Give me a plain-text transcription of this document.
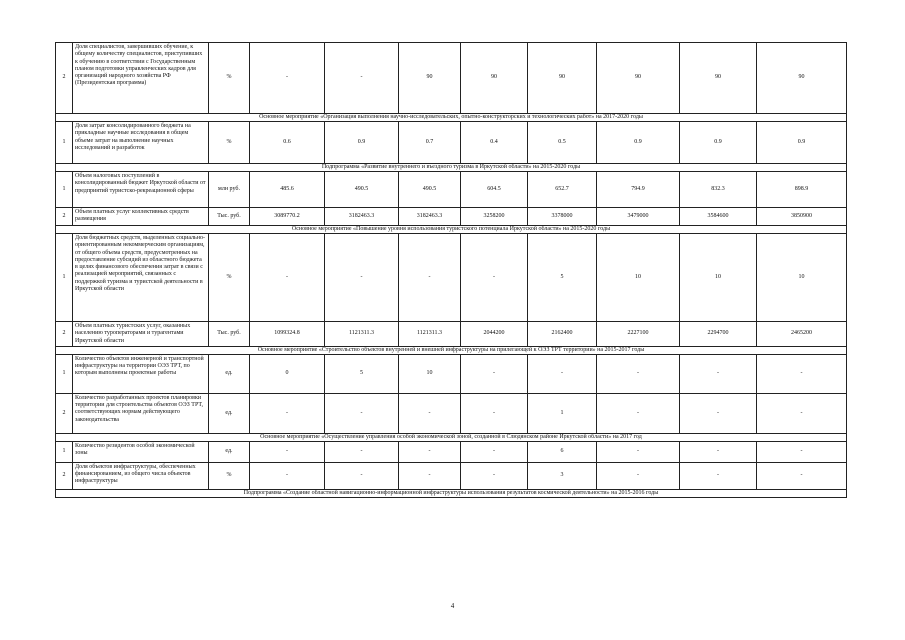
2	Доля специалистов, завершивших обучение, к общему количеству специалистов, приступивших к обучению в соответствии с Государственным планом подготовки управленческих кадров для организаций народного хозяйства РФ (Президентская программа)	%	-	-	90	90	90	90	90	90
Основное мероприятие «Организация выполнения научно-исследовательских, опытно-конструкторских и технологических работ» на 2017-2020 годы										
1	Доля затрат консолидированного бюджета на прикладные научные исследования в общем объеме затрат на выполнение научных исследований и разработок	%	0.6	0.9	0.7	0.4	0.5	0.9	0.9	0.9
Подпрограмма «Развитие внутреннего и въездного туризма в Иркутской области» на 2015-2020 годы										
1	Объем налоговых поступлений в консолидированный бюджет Иркутской области от предприятий туристско-рекреационной сферы	млн руб.	485.6	490.5	490.5	604.5	652.7	794.9	832.3	898.9
2	Объем платных услуг коллективных средств размещения	Тыс. руб.	3089770.2	3182463.3	3182463.3	3258200	3378000	3479000	3584600	3850900
Основное мероприятие «Повышение уровня использования туристского потенциала Иркутской области» на 2015-2020 годы										
1	Доля бюджетных средств, выделенных социально-ориентированным некоммерческим организациям, от общего объема средств, предусмотренных на предоставление субсидий из областного бюджета в целях финансового обеспечения затрат в связи с реализацией мероприятий, связанных с поддержкой туризма и туристской деятельности в Иркутской области	%	-	-	-	-	5	10	10	10
2	Объем платных туристских услуг, оказанных населению туроператорами и турагентами Иркутской области	Тыс. руб.	1099324.8	1121311.3	1121311.3	2044200	2162400	2227100	2294700	2465200
Основное мероприятие «Строительство объектов внутренней и внешней инфраструктуры на прилегающей к ОЭЗ ТРТ территории» на 2015-2017 годы										
1	Количество объектов инженерной и транспортной инфраструктуры на территории ОЭЗ ТРТ, по которым выполнены проектные работы	ед.	0	5	10	-	-	-	-	-
2	Количество разработанных проектов планировки территории для строительства объектов ОЭЗ ТРТ, соответствующих нормам действующего законодательства	ед.	-	-	-	-	1	-	-	-
Основное мероприятие «Осуществление управления особой экономической зоной, созданной в Слюдянском районе Иркутской области» на 2017 год										
1	Количество резидентов особой экономической зоны	ед.	-	-	-	-	6	-	-	-
2	Доля объектов инфраструктуры, обеспеченных финансированием, из общего числа объектов инфраструктуры	%	-	-	-	-	3	-	-	-
Подпрограмма «Создание областной навигационно-информационной инфраструктуры использования результатов космической деятельности» на 2015-2016 годы										
4
